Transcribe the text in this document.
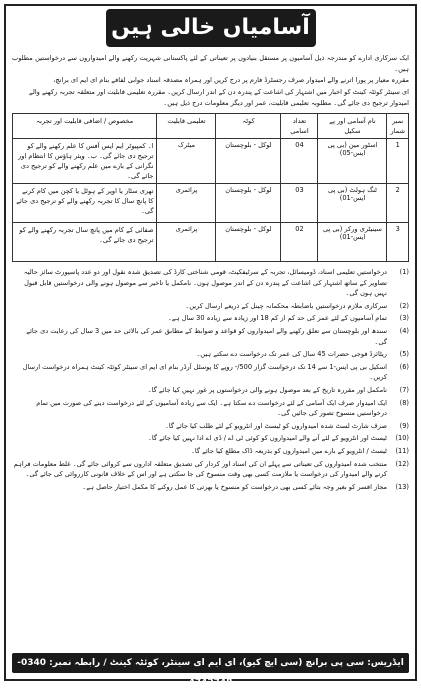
آسامیاں خالی ہیں

ایک سرکاری ادارے کو مندرجہ ذیل آسامیوں پر مستقل بنیادوں پر تعیناتی کے لئے پاکستانی شہریت رکھنے والے امیدواروں سے درخواستیں مطلوب ہیں۔

مقررہ معیار پر پورا اترنے والے امیدوار صرف رجسٹرڈ فارم پر درج کریں اور ہمراہ مصدقہ اسناد جوابی لفافے بنام ای ایم ای برانچ،

ای سینٹر کوئٹہ کینٹ کو اخبار میں اشتہار کی اشاعت کے پندرہ دن کے اندر ارسال کریں۔ مقررہ تعلیمی قابلیت اور متعلقہ تجربہ رکھنے والے

امیدوار ترجیح دی جائے گی۔ مطلوبہ تعلیمی قابلیت، عمر اور دیگر معلومات درج ذیل ہیں۔

نمبر شمار	نام آسامی اور پے سکیل	تعداد اسامی	کوٹہ	تعلیمی قابلیت	مخصوص / اضافی قابلیت اور تجربہ
1	اسٹور مین (بی پی ایس-05)	04	لوکل - بلوچستان	میٹرک	ا۔ کمپیوٹر ایم ایس آفس کا علم رکھنے والے کو ترجیح دی جائے گی۔ ب۔ ویئر ہاؤس کا انتظام اور نگرانی کے بارے میں علم رکھنے والے کو ترجیح دی جائے گی۔
2	ٹنگ ہولٹ (بی پی ایس-01)	03	لوکل - بلوچستان	پرائمری	تھری سٹار یا اوپر کے ہوٹل یا کچن میں کام کرنے کا پانچ سال کا تجربہ رکھنے والے کو ترجیح دی جائے گی۔
3	سینیٹری ورکر (بی پی ایس-01)	02	لوکل - بلوچستان	پرائمری	صفائی کے کام میں پانچ سال تجربہ رکھنے والے کو ترجیح دی جائے گی۔
(1)
درخواستیں تعلیمی اسناد، ڈومیسائل، تجربہ کے سرٹیفکیٹ، قومی شناختی کارڈ کی تصدیق شدہ نقول اور دو عدد پاسپورٹ سائز حالیہ تصاویر کے ساتھ اشتہار کی اشاعت کے پندرہ دن کے اندر موصول ہوں۔ نامکمل یا تاخیر سے موصول ہونے والی درخواستیں قابل قبول نہیں ہوں گی۔
(2)
سرکاری ملازم درخواستیں باضابطہ محکمانہ چینل کے ذریعے ارسال کریں۔
(3)
تمام آسامیوں کے لئے عمر کی حد کم از کم 18 اور زیادہ سے زیادہ 30 سال ہے۔
(4)
سندھ اور بلوچستان سے تعلق رکھنے والے امیدواروں کو قواعد و ضوابط کے مطابق عمر کی بالائی حد میں 3 سال کی رعایت دی جائے گی۔
(5)
ریٹائرڈ فوجی حضرات 45 سال کی عمر تک درخواست دے سکتے ہیں۔
(6)
اسکیل بی پی ایس-1 سے 14 تک درخواست گزار 500/- روپے کا پوسٹل آرڈر بنام ای ایم ای سینٹر کوئٹہ کینٹ ہمراہ درخواست ارسال کریں۔
(7)
نامکمل اور مقررہ تاریخ کے بعد موصول ہونے والی درخواستوں پر غور نہیں کیا جائے گا۔
(8)
ایک امیدوار صرف ایک آسامی کے لئے درخواست دے سکتا ہے۔ ایک سے زیادہ آسامیوں کے لئے درخواست دینے کی صورت میں تمام درخواستیں منسوخ تصور کی جائیں گی۔
(9)
صرف شارٹ لسٹ شدہ امیدواروں کو ٹیسٹ اور انٹرویو کے لئے طلب کیا جائے گا۔
(10)
ٹیسٹ اور انٹرویو کے لئے آنے والے امیدواروں کو کوئی ٹی اے / ڈی اے ادا نہیں کیا جائے گا۔
(11)
ٹیسٹ / انٹرویو کے بارے میں امیدواروں کو بذریعہ ڈاک مطلع کیا جائے گا۔
(12)
منتخب شدہ امیدواروں کی تعیناتی سے پہلے ان کی اسناد اور کردار کی تصدیق متعلقہ اداروں سے کروائی جائے گی۔ غلط معلومات فراہم کرنے والے امیدوار کی درخواست یا ملازمت کسی بھی وقت منسوخ کی جا سکتی ہے اور اس کے خلاف قانونی کارروائی کی جائے گی۔
(13)
مجاز افسر کو بغیر وجہ بتائے کسی بھی درخواست کو منسوخ یا بھرتی کا عمل روکنے کا مکمل اختیار حاصل ہے۔
ایڈریس: سی پی برانچ (سی ایچ کیو)، ای ایم ای سینٹر، کوئٹہ کینٹ / رابطہ نمبر: 0340-4742748
